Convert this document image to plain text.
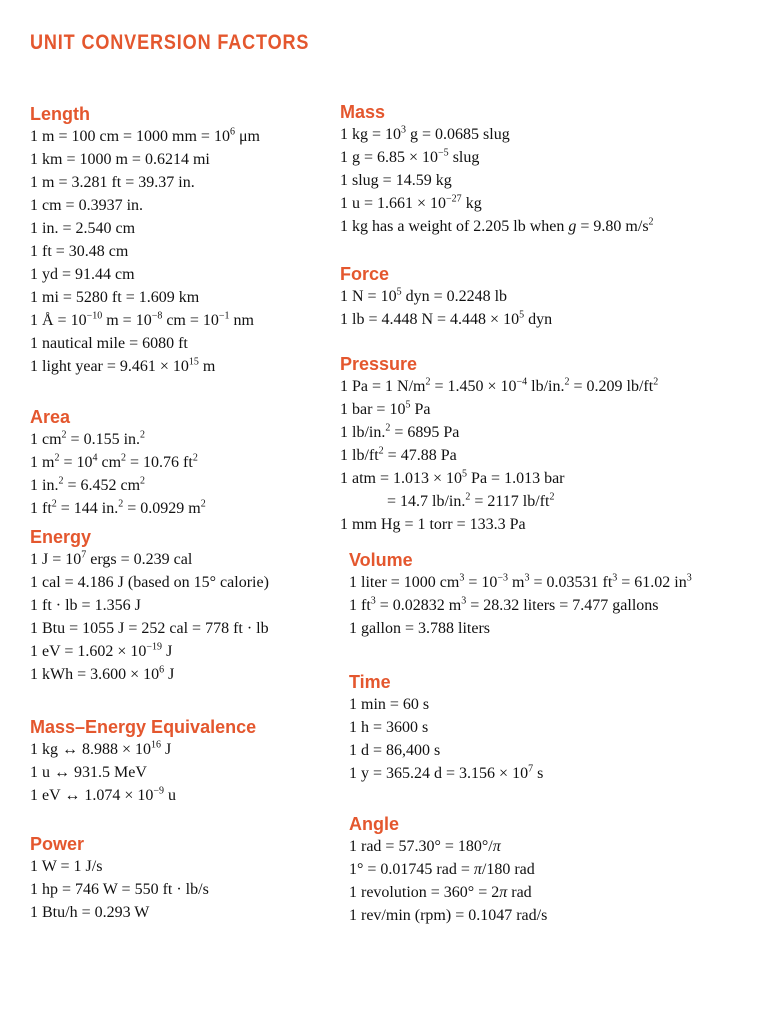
UNIT CONVERSION FACTORS
Length
1 m = 100 cm = 1000 mm = $10^6$ μm
1 km = 1000 m = 0.6214 mi
1 m = 3.281 ft = 39.37 in.
1 cm = 0.3937 in.
1 in. = 2.540 cm
1 ft = 30.48 cm
1 yd = 91.44 cm
1 mi = 5280 ft = 1.609 km
1 Å = $10^{-10}$ $m = 10^{-8}$ cm = $10^{-1}$ nm
1 nautical mile = 6080 ft
1 light year = $9.461 \times 10^{15}$ m
Area
1 $cm^2 = 0.155$ in.$^2$
1 $m^2 = 10^4$ $cm^2 = 10.76$ $ft^2$
1 in.$^2$ = 6.452 $cm^2$
1 $ft^2 = 144$ in.$^2$ = 0.0929 $m^2$
Energy
1 $J = 10^7$ ergs = 0.239 cal
1 cal = 4.186 J (based on 15° calorie)
1 ft · lb = 1.356 J
1 Btu = 1055 J = 252 cal = 778 ft · lb
1 eV = $1.602 \times 10^{-19}$ J
1 kWh = $3.600 \times 10^6$ J
Mass–Energy Equivalence
1 kg ↔ $8.988 \times 10^{16}$ J
1 u ↔ 931.5 MeV
1 eV ↔ $1.074 \times 10^{-9}$ u
Power
1 W = 1 J/s
1 hp = 746 W = 550 ft · lb/s
1 Btu/h = 0.293 W
Mass
1 kg = $10^3$ g = 0.0685 slug
1 $g = 6.85 \times 10^{-5}$ slug
1 slug = 14.59 kg
1 $u = 1.661 \times 10^{-27}$ kg
1 kg has a weight of 2.205 lb when g = 9.80 $m/s^2$
Force
1 $N = 10^5$ dyn = 0.2248 lb
1 lb = 4.448 $N = 4.448 \times 10^5$ dyn
Pressure
1 Pa = 1 $N/m^2 = 1.450 \times 10^{-4}$ lb/in.$^2$ = 0.209 $lb/ft^2$
1 bar = $10^5$ Pa
1 lb/in.$^2$ = 6895 Pa
1 $lb/ft^2 = 47.88$ Pa
1 atm = $1.013 \times 10^5$ Pa = 1.013 bar
= 14.7 lb/in.$^2$ = 2117 $lb/ft^2$
1 mm Hg = 1 torr = 133.3 Pa
Volume
1 liter = 1000 $cm^3 = 10^{-3}$ $m^3 = 0.03531$ $ft^3 = 61.02$ $in^3$
1 $ft^3 = 0.02832$ $m^3 = 28.32$ liters = 7.477 gallons
1 gallon = 3.788 liters
Time
1 min = 60 s
1 h = 3600 s
1 d = 86,400 s
1 y = 365.24 $d = 3.156 \times 10^7$ s
Angle
1 rad = 57.30° = 180°/π
1° = 0.01745 rad = π/180 rad
1 revolution = 360° = 2π rad
1 rev/min (rpm) = 0.1047 rad/s
